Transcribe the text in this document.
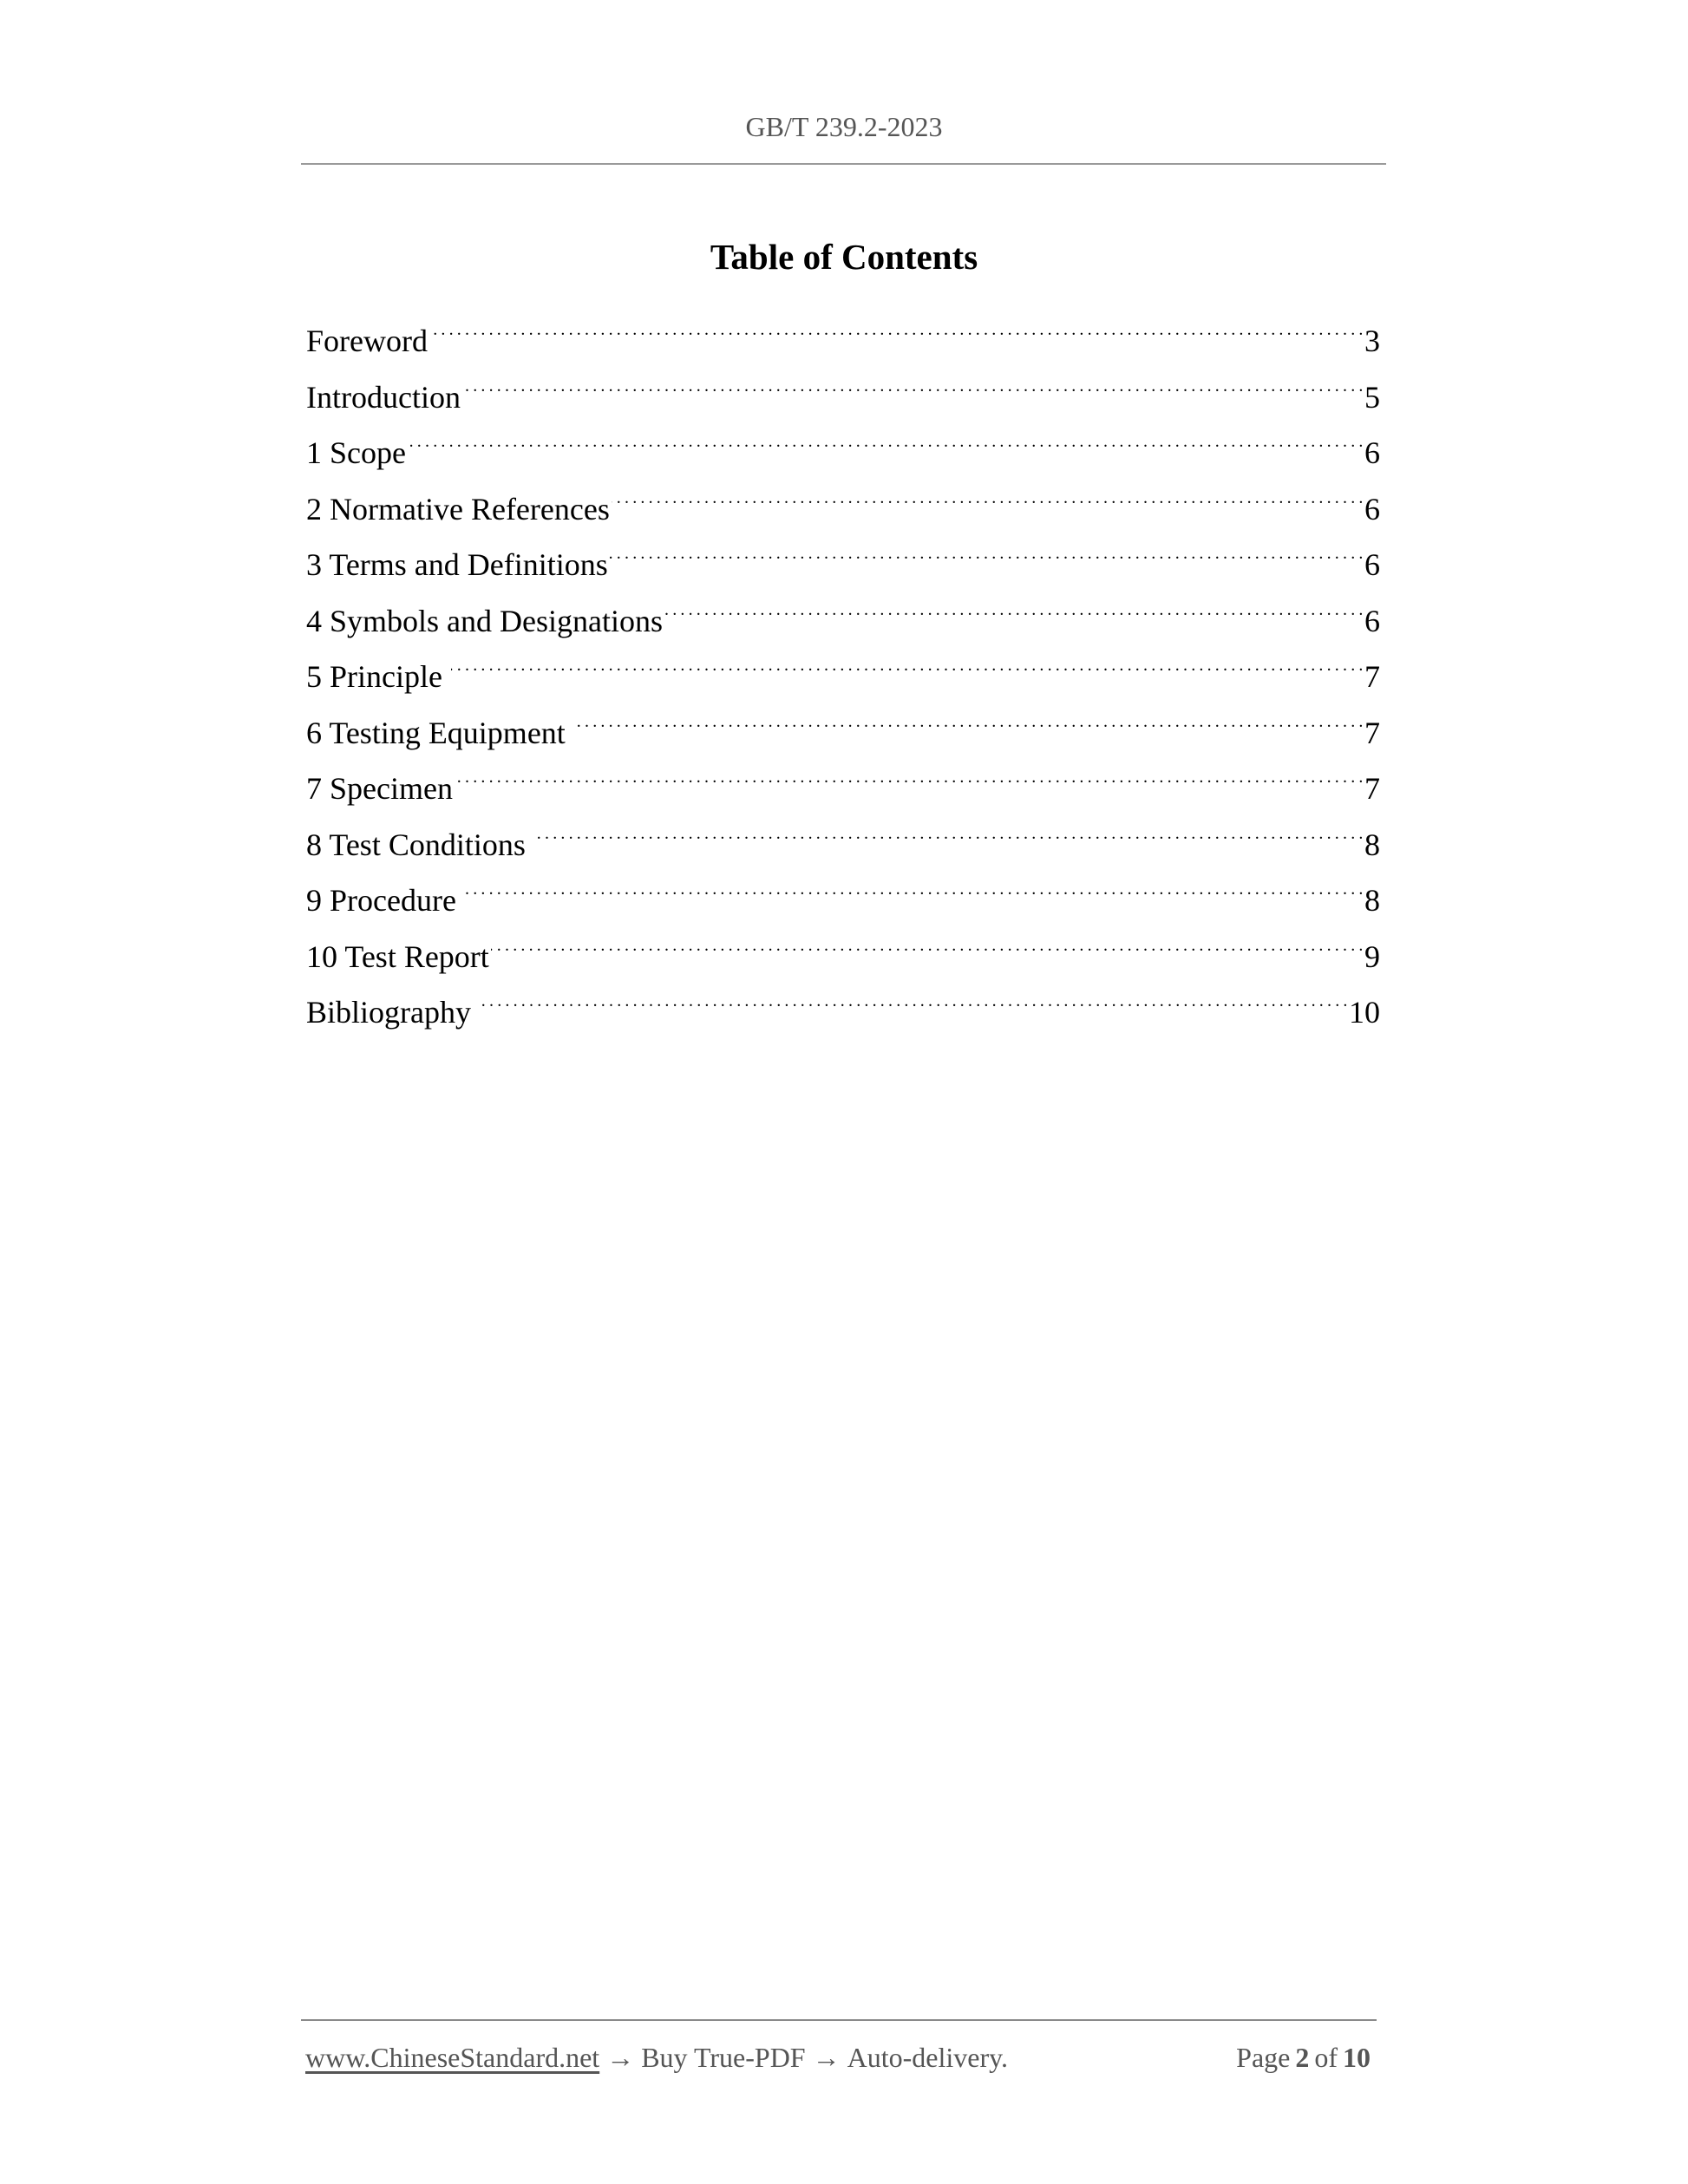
GB/T 239.2-2023
Table of Contents
Foreword . . .	3
Introduction . . .	5
1 Scope . . .	6
2 Normative References . . .	6
3 Terms and Definitions . . .	6
4 Symbols and Designations . . .	6
5 Principle . . .	7
6 Testing Equipment . . .	7
7 Specimen . . .	7
8 Test Conditions . . .	8
9 Procedure . . .	8
10 Test Report . . .	9
Bibliography . . .	10
www.ChineseStandard.net → Buy True-PDF → Auto-delivery.	Page 2 of 10
